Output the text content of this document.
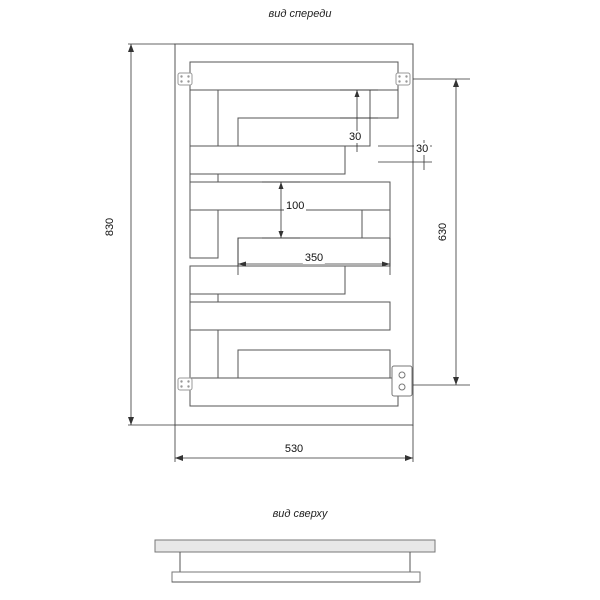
вид спереди
вид сверху
830
530
630
30
30
100
350
